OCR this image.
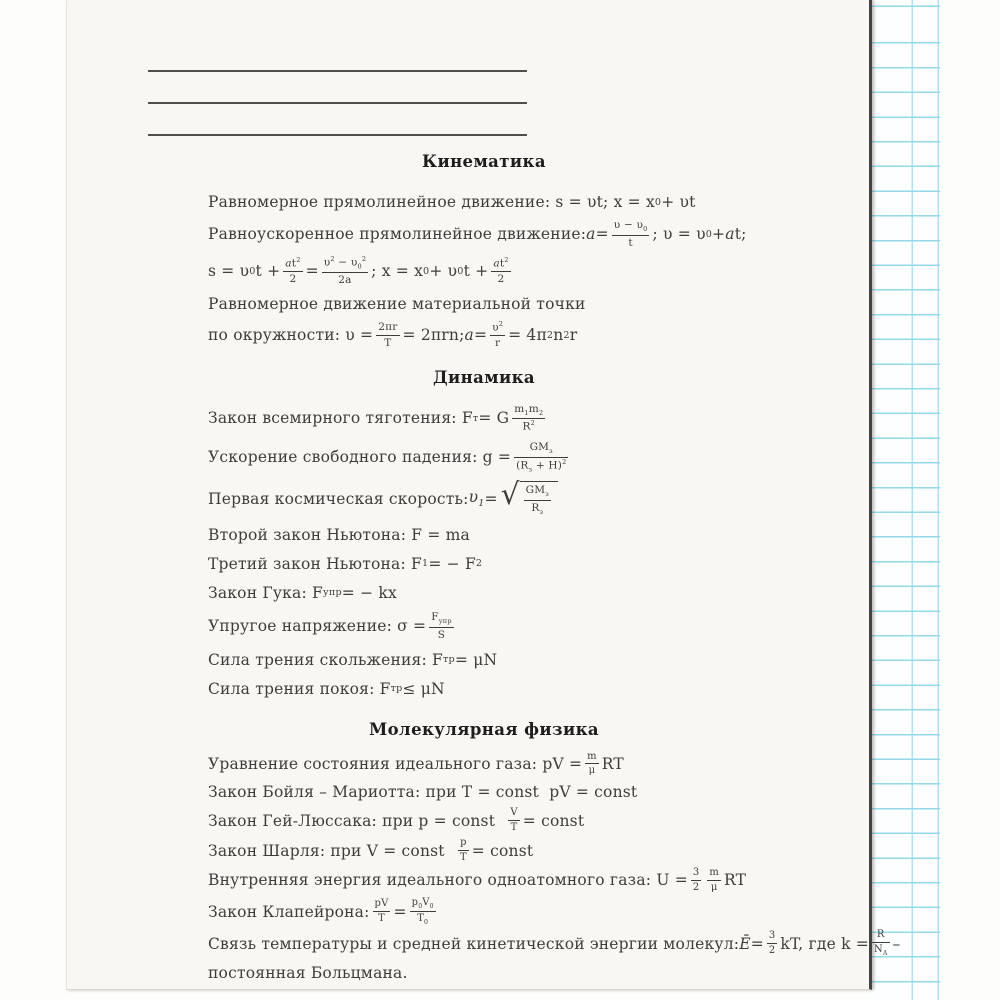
Кинематика
Равномерное прямолинейное движение: s = υt; x = x 0 + υt
Равноускоренное прямолинейное движение: a =
$\upsilon - \upsilon_0$
t	; υ = υ 0 + a t;
s = υ 0 $t + at^2$
2 =
$\upsilon^2 - \upsilon_0^2$
2a	; x = x 0 + υ 0 $t + at^2$
2
Равномерное движение материальной точки
по окружности: υ = 2πr
T = 2πrn; $a = \upsilon^2$
r = 4π 2 n 2 r
Динамика
Закон всемирного тяготения: F т = G
$m_1m_2$
$R^2$
Ускорение свободного падения: g =
$GM_з$
$(R_з + H)^2$
Первая космическая скорость: $\upsilon_1$ = √ $GM_з$
$R_з$
Второй закон Ньютона: F = ma
Третий закон Ньютона: F 1 = − F 2
Закон Гука: F упр = − kx
Упругое напряжение: σ =
$F_{упр}$
S
Сила трения скольжения: F тр = μN
Сила трения покоя: F тр ≤ μN
Молекулярная физика
Уравнение состояния идеального газа: pV = m
μ RT
Закон Бойля – Мариотта: при T = const  pV = const
Закон Гей-Люссака: при p = const V
T = const
Закон Шарля: при V = const p
T = const
Внутренняя энергия идеального одноатомного газа: U = 3
2
m
μ RT
Закон Клапейрона: pV
T =
$p_0V_0$
$T_0$
Связь температуры и средней кинетической энергии молекул: Ē = 3
2 kT, где k = R
$N_A$
постоянная Больцмана.
